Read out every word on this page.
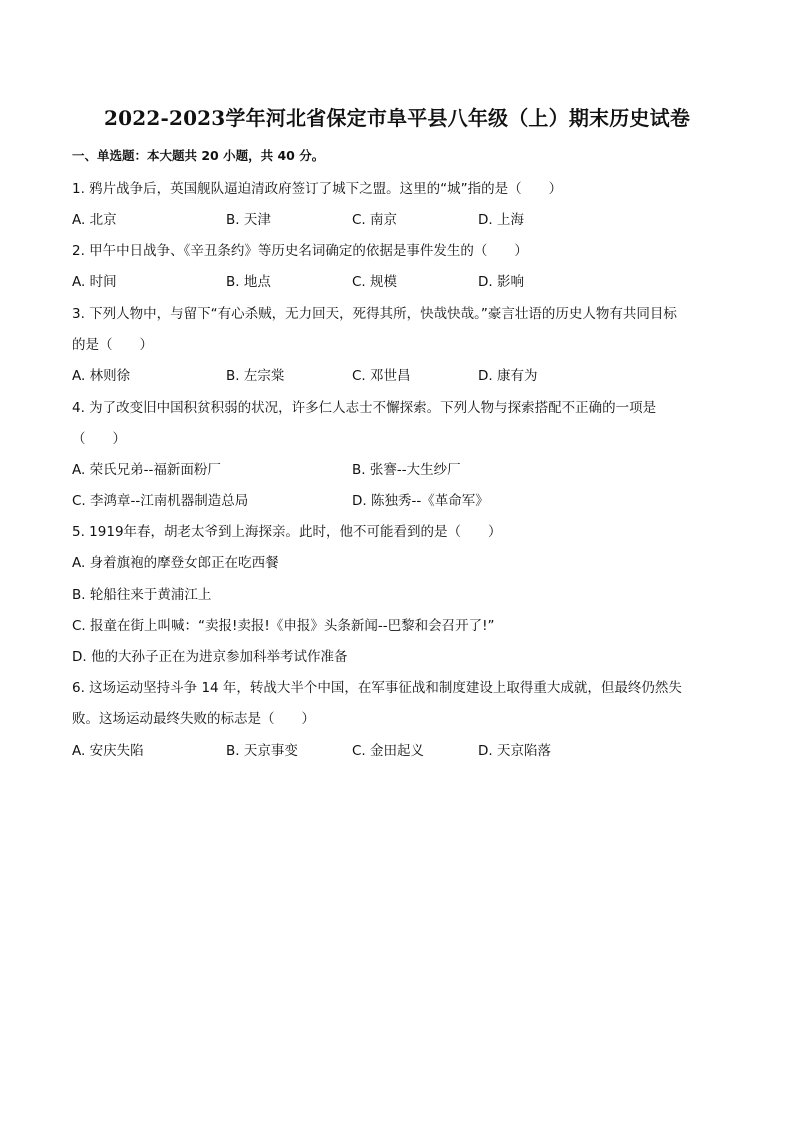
2022-2023学年河北省保定市阜平县八年级（上）期末历史试卷
一、单选题：本大题共 20 小题，共 40 分。
1. 鸦片战争后，英国舰队逼迫清政府签订了城下之盟。这里的“城”指的是（　　）
A. 北京	B. 天津	C. 南京	D. 上海
2. 甲午中日战争、《辛丑条约》等历史名词确定的依据是事件发生的（　　）
A. 时间	B. 地点	C. 规模	D. 影响
3. 下列人物中，与留下“有心杀贼，无力回天，死得其所，快哉快哉。”豪言壮语的历史人物有共同目标
的是（　　）
A. 林则徐	B. 左宗棠	C. 邓世昌	D. 康有为
4. 为了改变旧中国积贫积弱的状况，许多仁人志士不懈探索。下列人物与探索搭配不正确的一项是
（　　）
A. 荣氏兄弟--福新面粉厂	B. 张謇--大生纱厂
C. 李鸿章--江南机器制造总局	D. 陈独秀--《革命军》
5. 1919年春，胡老太爷到上海探亲。此时，他不可能看到的是（　　）
A. 身着旗袍的摩登女郎正在吃西餐
B. 轮船往来于黄浦江上
C. 报童在街上叫喊：“卖报!卖报!《申报》头条新闻--巴黎和会召开了!”
D. 他的大孙子正在为进京参加科举考试作准备
6. 这场运动坚持斗争 14 年，转战大半个中国，在军事征战和制度建设上取得重大成就，但最终仍然失
败。这场运动最终失败的标志是（　　）
A. 安庆失陷	B. 天京事变	C. 金田起义	D. 天京陷落
